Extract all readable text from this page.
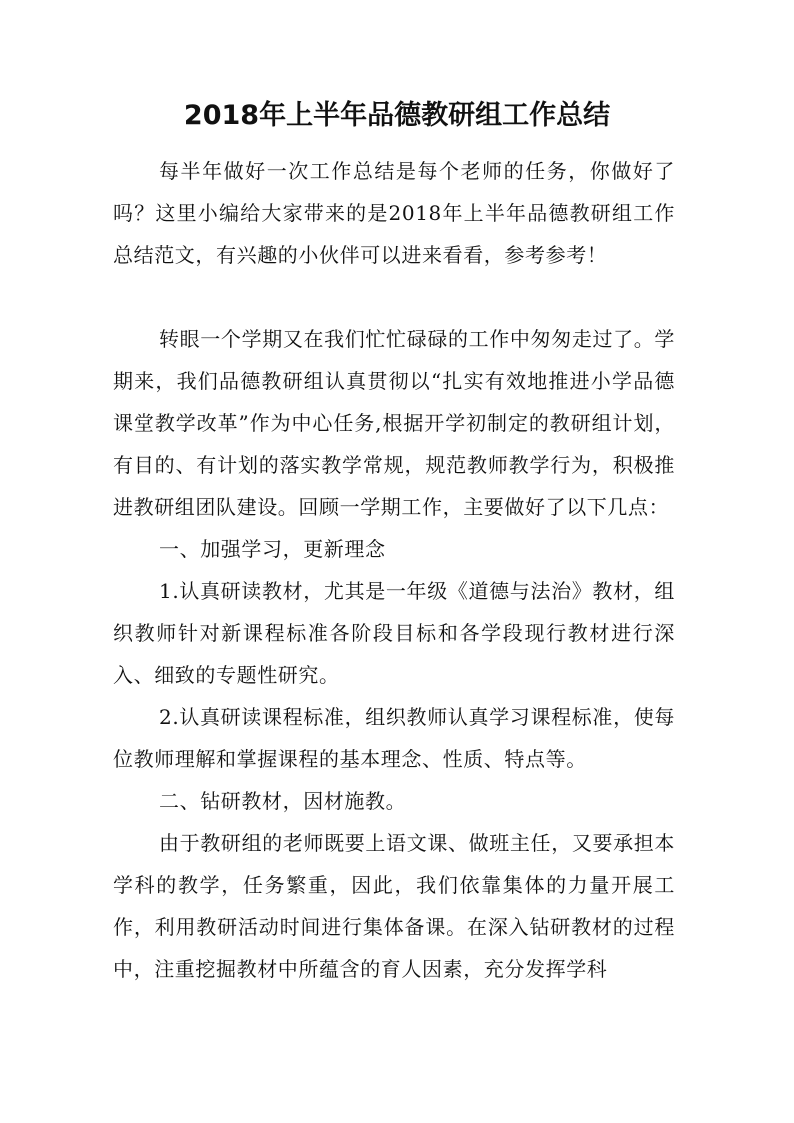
2018年上半年品德教研组工作总结

每半年做好一次工作总结是每个老师的任务，你做好了吗？这里小编给大家带来的是2018年上半年品德教研组工作总结范文，有兴趣的小伙伴可以进来看看，参考参考！

转眼一个学期又在我们忙忙碌碌的工作中匆匆走过了。学期来，我们品德教研组认真贯彻以“扎实有效地推进小学品德课堂教学改革”作为中心任务,根据开学初制定的教研组计划，有目的、有计划的落实教学常规，规范教师教学行为，积极推进教研组团队建设。回顾一学期工作，主要做好了以下几点：

一、加强学习，更新理念

1.认真研读教材，尤其是一年级《道德与法治》教材，组织教师针对新课程标准各阶段目标和各学段现行教材进行深入、细致的专题性研究。

2.认真研读课程标准，组织教师认真学习课程标准，使每位教师理解和掌握课程的基本理念、性质、特点等。

二、钻研教材，因材施教。

由于教研组的老师既要上语文课、做班主任，又要承担本学科的教学，任务繁重，因此，我们依靠集体的力量开展工作，利用教研活动时间进行集体备课。在深入钻研教材的过程中，注重挖掘教材中所蕴含的育人因素，充分发挥学科
